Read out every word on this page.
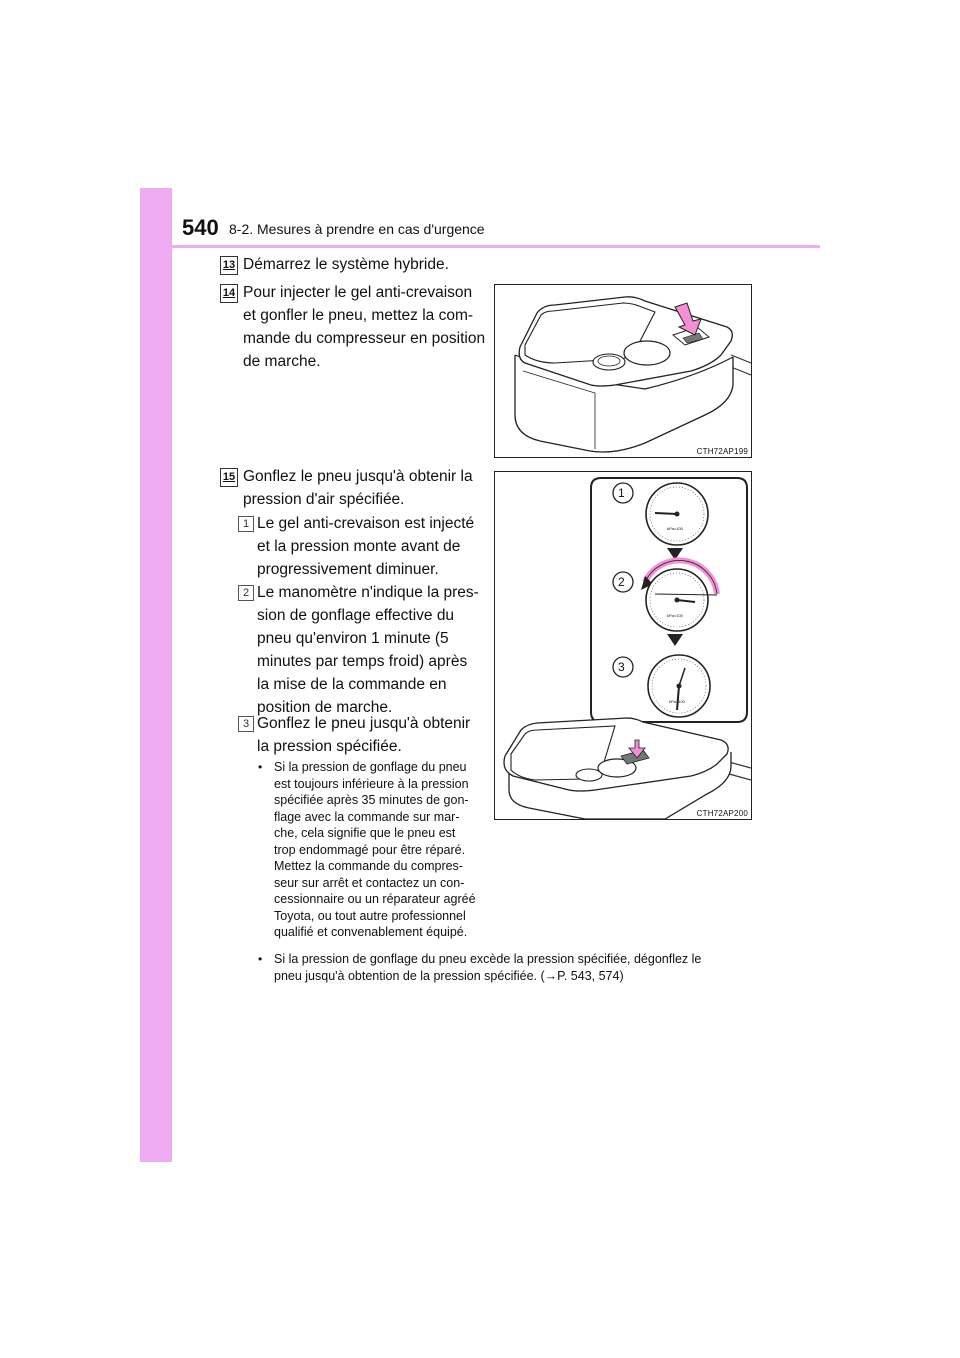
540 8-2. Mesures à prendre en cas d'urgence
13 Démarrez le système hybride.
14 Pour injecter le gel anti-crevaison
et gonfler le pneu, mettez la com-
mande du compresseur en position
de marche.
CTH72AP199
15 Gonflez le pneu jusqu'à obtenir la
pression d'air spécifiée.
1 Le gel anti-crevaison est injecté
et la pression monte avant de
progressivement diminuer.
2 Le manomètre n'indique la pres-
sion de gonflage effective du
pneu qu'environ 1 minute (5
minutes par temps froid) après
la mise de la commande en
position de marche.
3 Gonflez le pneu jusqu'à obtenir
la pression spécifiée.
• Si la pression de gonflage du pneu
est toujours inférieure à la pression
spécifiée après 35 minutes de gon-
flage avec la commande sur mar-
che, cela signifie que le pneu est
trop endommagé pour être réparé.
Mettez la commande du compres-
seur sur arrêt et contactez un con-
cessionnaire ou un réparateur agréé
Toyota, ou tout autre professionnel
qualifié et convenablement équipé.
• Si la pression de gonflage du pneu excède la pression spécifiée, dégonflez le
pneu jusqu'à obtention de la pression spécifiée. (→P. 543, 574)
1
2
3
kPa×100
kPa×100
kPa×100
CTH72AP200
